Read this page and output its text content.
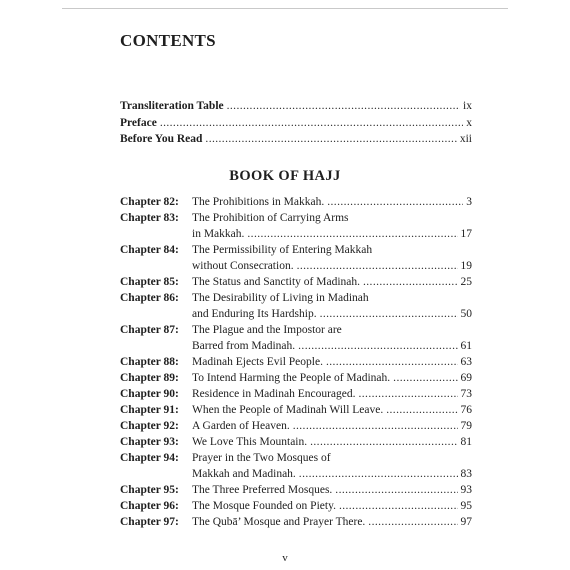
CONTENTS
Transliteration Table .....	ix
Preface .....	x
Before You Read .....	xii
BOOK OF HAJJ
Chapter 82:	The Prohibitions in Makkah. .....	3
Chapter 83:	The Prohibition of Carrying Arms
in Makkah. .....	17
Chapter 84:	The Permissibility of Entering Makkah
without Consecration. .....	19
Chapter 85:	The Status and Sanctity of Madinah. .....	25
Chapter 86:	The Desirability of Living in Madinah
and Enduring Its Hardship. .....	50
Chapter 87:	The Plague and the Impostor are
Barred from Madinah. .....	61
Chapter 88:	Madinah Ejects Evil People. .....	63
Chapter 89:	To Intend Harming the People of Madinah. .....	69
Chapter 90:	Residence in Madinah Encouraged. .....	73
Chapter 91:	When the People of Madinah Will Leave. .....	76
Chapter 92:	A Garden of Heaven. .....	79
Chapter 93:	We Love This Mountain. .....	81
Chapter 94:	Prayer in the Two Mosques of
Makkah and Madinah. .....	83
Chapter 95:	The Three Preferred Mosques. .....	93
Chapter 96:	The Mosque Founded on Piety. .....	95
Chapter 97:	The Qubā’ Mosque and Prayer There. .....	97
v
